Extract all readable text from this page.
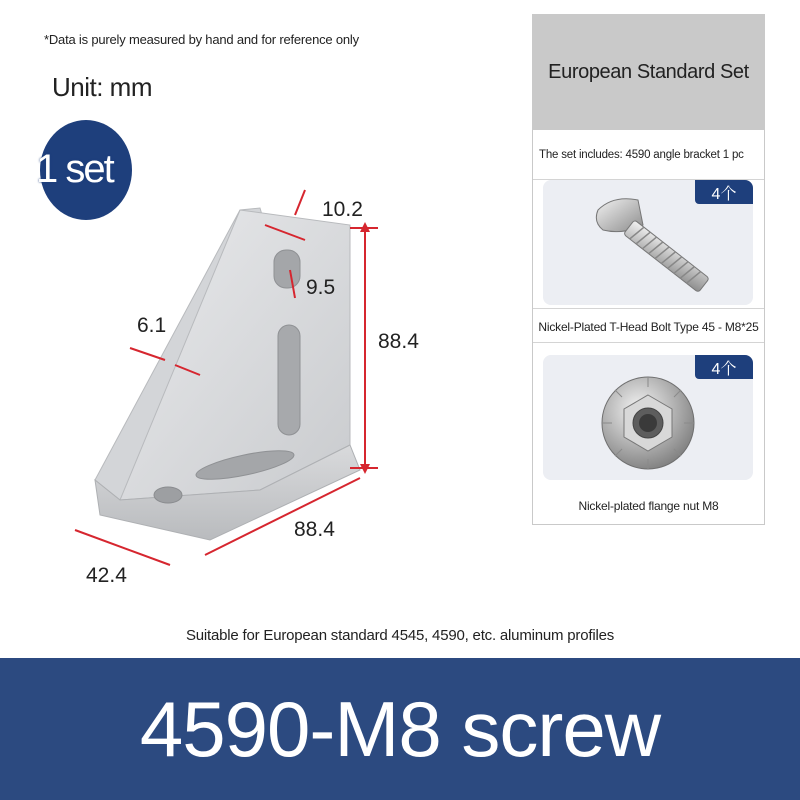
*Data is purely measured by hand and for reference only
Unit: mm
1 set
10.2
9.5
6.1
88.4
88.4
42.4
European Standard Set
The set includes: 4590 angle bracket 1 pc
4个
Nickel-Plated T-Head Bolt Type 45 - M8*25
4个
Nickel-plated flange nut M8
Suitable for European standard 4545, 4590, etc. aluminum profiles
4590-M8 screw
